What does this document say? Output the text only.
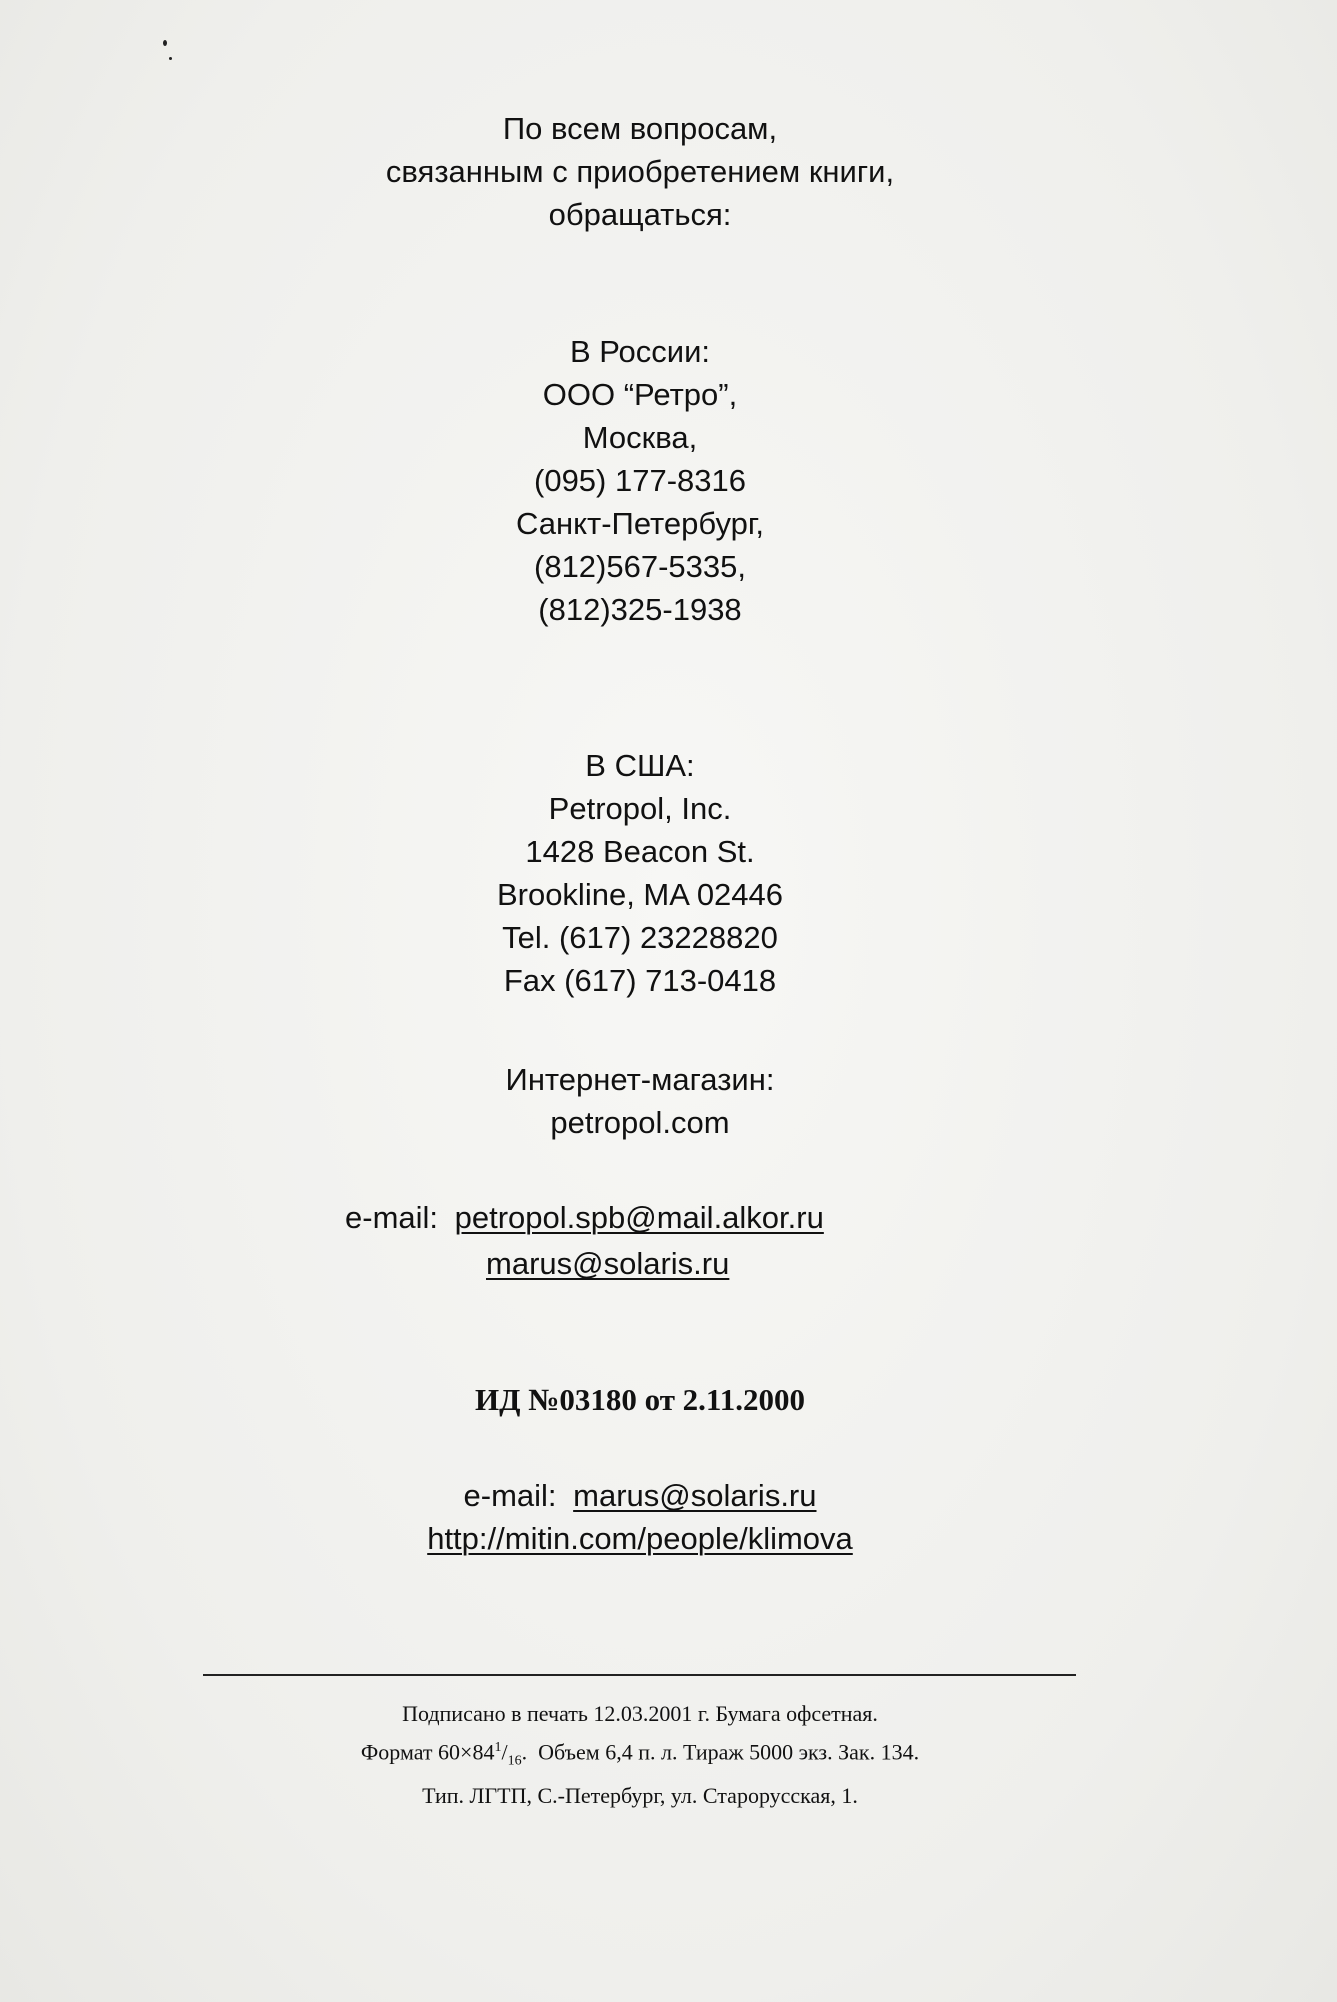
По всем вопросам,
связанным с приобретением книги,
обращаться:
В России:
ООО “Ретро”,
Москва,
(095) 177-8316
Санкт-Петербург,
(812)567-5335,
(812)325-1938
В США:
Petropol, Inc.
1428 Beacon St.
Brookline, MA 02446
Tel. (617) 23228820
Fax (617) 713-0418
Интернет-магазин:
petropol.com
e-mail: petropol.spb@mail.alkor.ru
marus@solaris.ru
ИД №03180 от 2.11.2000
e-mail: marus@solaris.ru
http://mitin.com/people/klimova
Подписано в печать 12.03.2001 г. Бумага офсетная.
Формат $60\times 84^1/_{16}$.  Объем 6,4 п. л. Тираж 5000 экз. Зак. 134.
Тип. ЛГТП, С.-Петербург, ул. Старорусская, 1.
